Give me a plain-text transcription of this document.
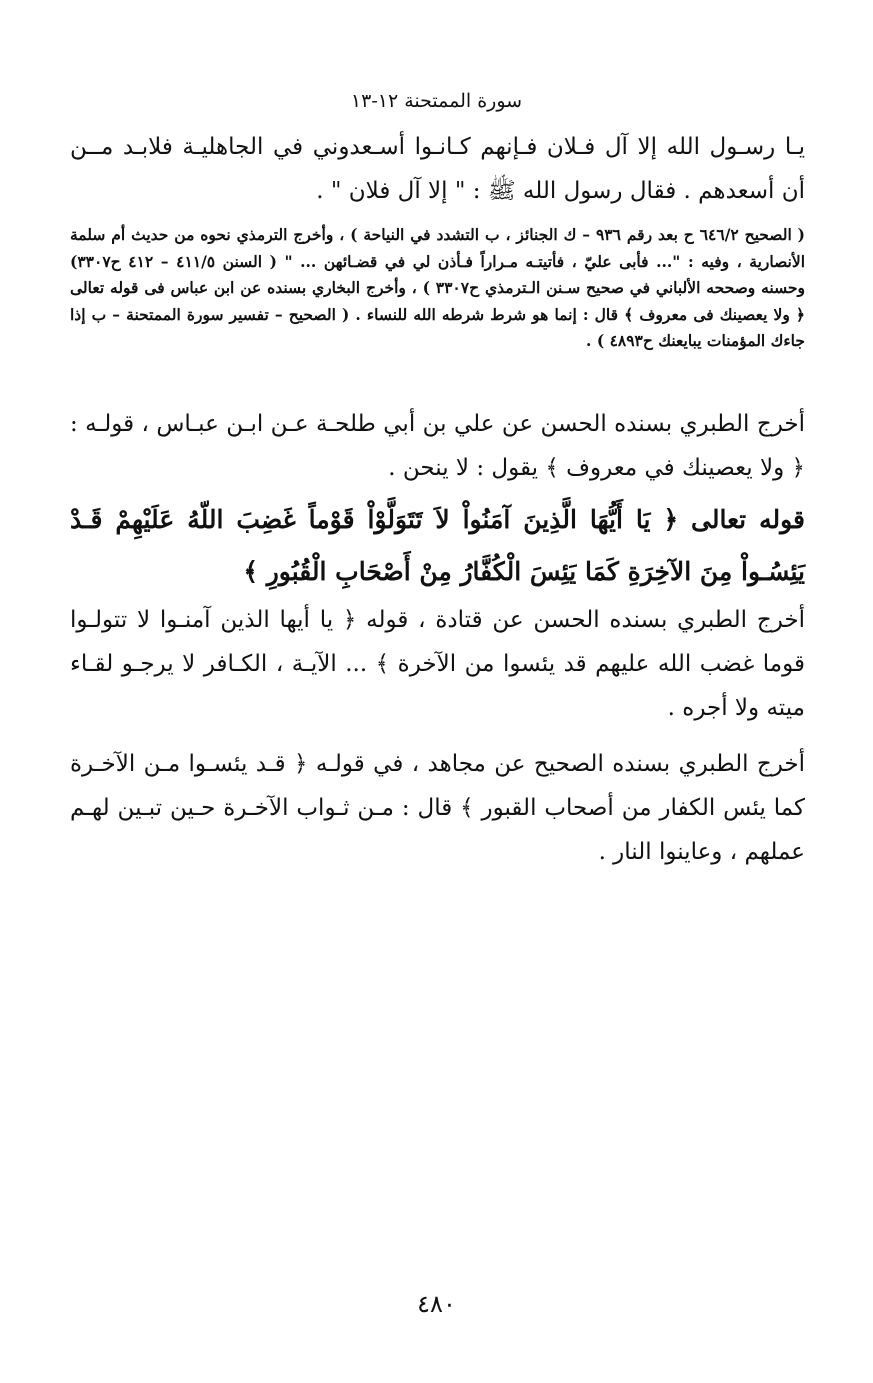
سورة الممتحنة ١٢-١٣

يـا رسـول الله إلا آل فـلان فـإنهم كـانـوا أسـعدوني في الجاهليـة فلابـد مــن أن أسعدهم . فقال رسول الله ﷺ : " إلا آل فلان " .

( الصحيح ٦٤٦/٢ ح بعد رقم ٩٣٦ – ك الجنائز ، ب التشدد في النياحة ) ، وأخرج الترمذي نحوه من حديث أم سلمة الأنصارية ، وفيه : "... فأبى عليّ ، فأتيتـه مـراراً فـأذن لي في قضـائهن ... " ( السنن ٤١١/٥ – ٤١٢ ح٣٣٠٧) وحسنه وصححه الألباني في صحيح سـنن الـترمذي ح٣٣٠٧ ) ، وأخرج البخاري بسنده عن ابن عباس فى قوله تعالى ﴿ ولا يعصينك فى معروف ﴾ قال : إنما هو شرط شرطه الله للنساء . ( الصحيح – تفسير سورة الممتحنة – ب إذا جاءك المؤمنات يبايعنك ح٤٨٩٣ ) .

أخرج الطبري بسنده الحسن عن علي بن أبي طلحـة عـن ابـن عبـاس ، قولـه : ﴿ ولا يعصينك في معروف ﴾ يقول : لا ينحن .

قوله تعالى ﴿ يَا أَيُّهَا الَّذِينَ آمَنُواْ لاَ تَتَوَلَّوْاْ قَوْماً غَضِبَ اللّهُ عَلَيْهِمْ قَـدْ يَئِسُـواْ مِنَ الآخِرَةِ كَمَا يَئِسَ الْكُفَّارُ مِنْ أَصْحَابِ الْقُبُورِ ﴾

أخرج الطبري بسنده الحسن عن قتادة ، قوله ﴿ يا أيها الذين آمنـوا لا تتولـوا قوما غضب الله عليهم قد يئسوا من الآخرة ﴾ ... الآيـة ، الكـافر لا يرجـو لقـاء ميته ولا أجره .

أخرج الطبري بسنده الصحيح عن مجاهد ، في قولـه ﴿ قـد يئسـوا مـن الآخـرة كما يئس الكفار من أصحاب القبور ﴾ قال : مـن ثـواب الآخـرة حـين تبـين لهـم عملهم ، وعاينوا النار .

٤٨٠
